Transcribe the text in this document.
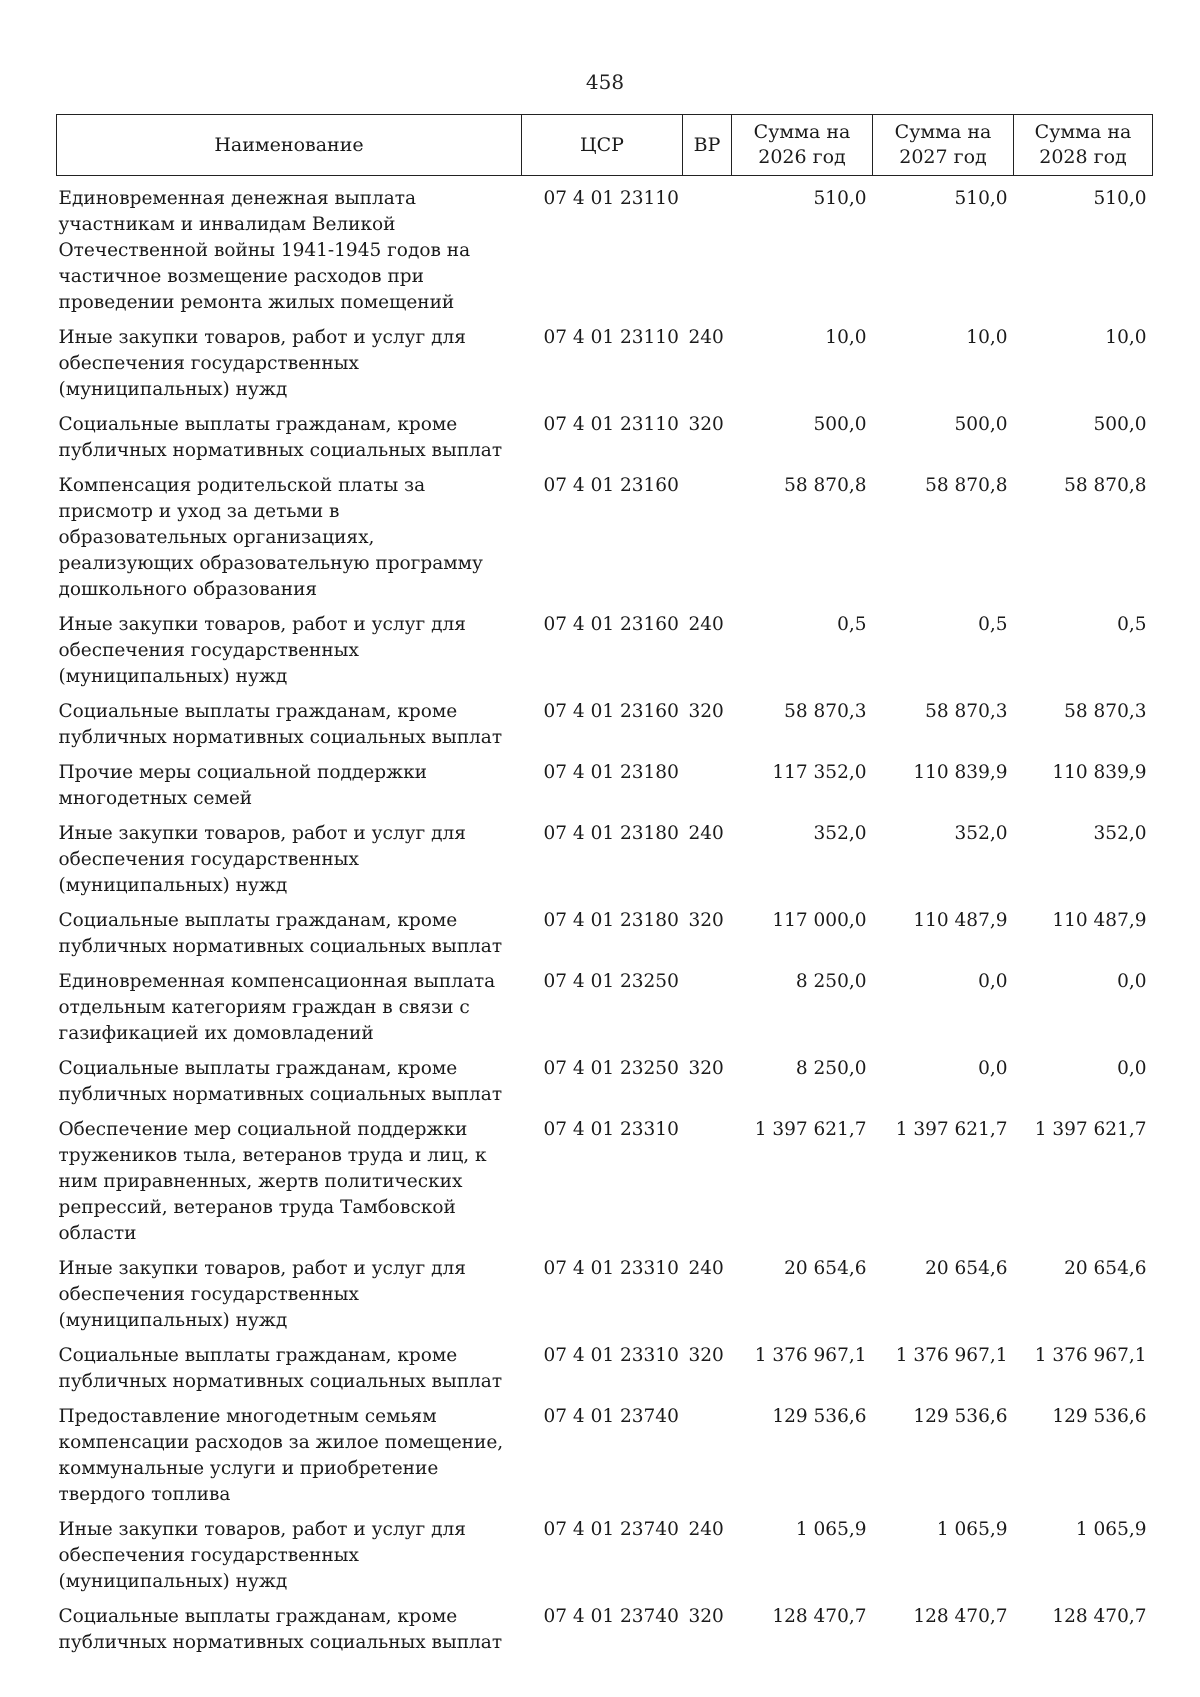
458
Наименование	ЦСР	ВР	Сумма на 2026 год	Сумма на 2027 год	Сумма на 2028 год
Единовременная денежная выплата участникам и инвалидам Великой Отечественной войны 1941-1945 годов на частичное возмещение расходов при проведении ремонта жилых помещений	07 4 01 23110		510,0	510,0	510,0
Иные закупки товаров, работ и услуг для обеспечения государственных (муниципальных) нужд	07 4 01 23110	240	10,0	10,0	10,0
Социальные выплаты гражданам, кроме публичных нормативных социальных выплат	07 4 01 23110	320	500,0	500,0	500,0
Компенсация родительской платы за присмотр и уход за детьми в образовательных организациях, реализующих образовательную программу дошкольного образования	07 4 01 23160		58 870,8	58 870,8	58 870,8
Иные закупки товаров, работ и услуг для обеспечения государственных (муниципальных) нужд	07 4 01 23160	240	0,5	0,5	0,5
Социальные выплаты гражданам, кроме публичных нормативных социальных выплат	07 4 01 23160	320	58 870,3	58 870,3	58 870,3
Прочие меры социальной поддержки многодетных семей	07 4 01 23180		117 352,0	110 839,9	110 839,9
Иные закупки товаров, работ и услуг для обеспечения государственных (муниципальных) нужд	07 4 01 23180	240	352,0	352,0	352,0
Социальные выплаты гражданам, кроме публичных нормативных социальных выплат	07 4 01 23180	320	117 000,0	110 487,9	110 487,9
Единовременная компенсационная выплата отдельным категориям граждан в связи с газификацией их домовладений	07 4 01 23250		8 250,0	0,0	0,0
Социальные выплаты гражданам, кроме публичных нормативных социальных выплат	07 4 01 23250	320	8 250,0	0,0	0,0
Обеспечение мер социальной поддержки тружеников тыла, ветеранов труда и лиц, к ним приравненных, жертв политических репрессий, ветеранов труда Тамбовской области	07 4 01 23310		1 397 621,7	1 397 621,7	1 397 621,7
Иные закупки товаров, работ и услуг для обеспечения государственных (муниципальных) нужд	07 4 01 23310	240	20 654,6	20 654,6	20 654,6
Социальные выплаты гражданам, кроме публичных нормативных социальных выплат	07 4 01 23310	320	1 376 967,1	1 376 967,1	1 376 967,1
Предоставление многодетным семьям компенсации расходов за жилое помещение, коммунальные услуги и приобретение твердого топлива	07 4 01 23740		129 536,6	129 536,6	129 536,6
Иные закупки товаров, работ и услуг для обеспечения государственных (муниципальных) нужд	07 4 01 23740	240	1 065,9	1 065,9	1 065,9
Социальные выплаты гражданам, кроме публичных нормативных социальных выплат	07 4 01 23740	320	128 470,7	128 470,7	128 470,7
